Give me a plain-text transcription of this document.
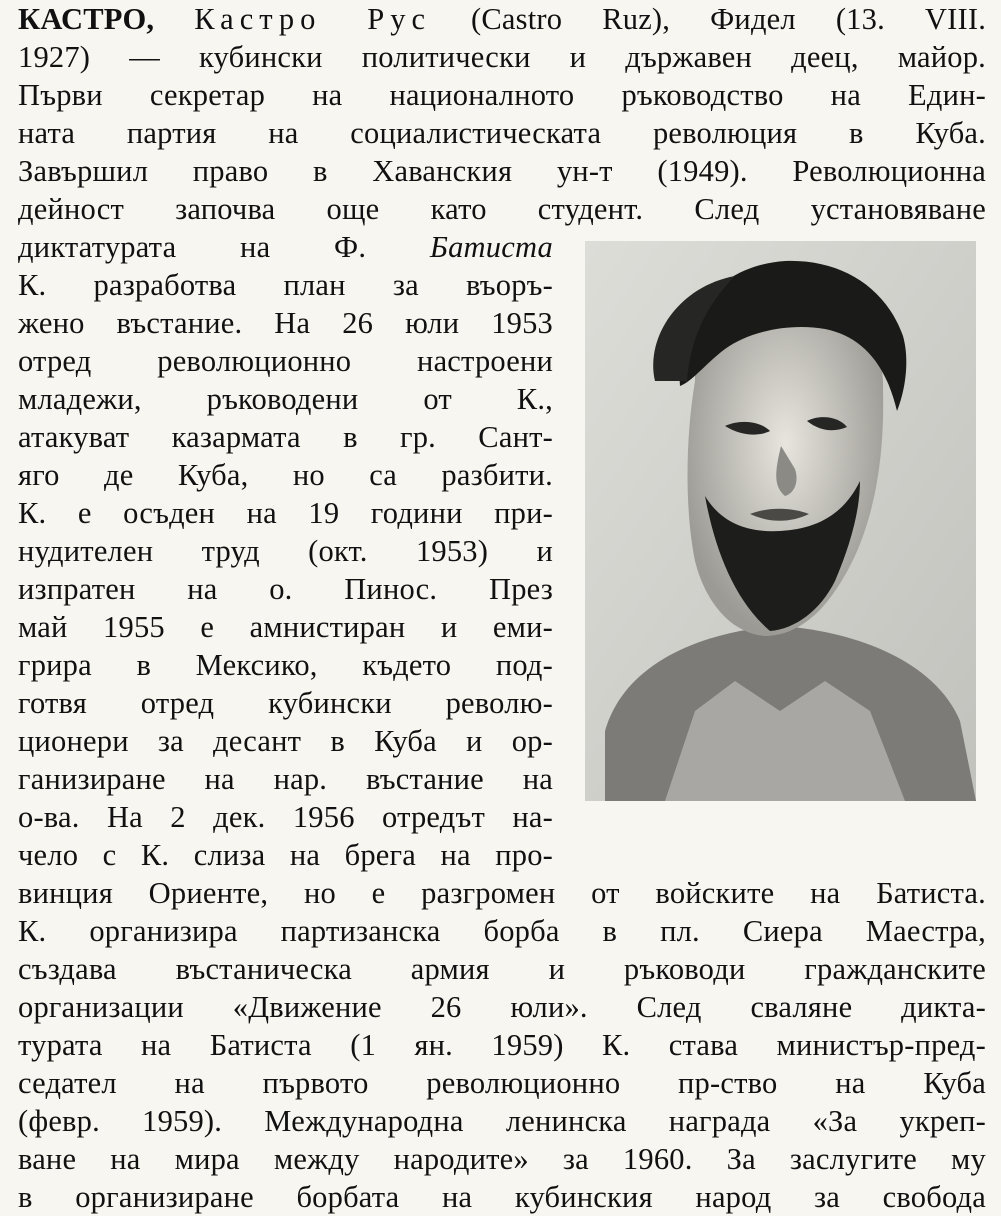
КАСТРО, Кастро Рус (Castro Ruz), Фидел (13. VIII.
1927) — кубински политически и държавен деец, майор.
Първи секретар на националното ръководство на Един-
ната партия на социалистическата революция в Куба.
Завършил право в Хаванския ун-т (1949). Революционна
дейност започва още като студент. След установяване
диктатурата на Ф. Батиста
К. разработва план за въоръ-
жено въстание. На 26 юли 1953
отред революционно настроени
младежи, ръководени от К.,
атакуват казармата в гр. Сант-
яго де Куба, но са разбити.
К. е осъден на 19 години при-
нудителен труд (окт. 1953) и
изпратен на о. Пинос. През
май 1955 е амнистиран и еми-
грира в Мексико, където под-
готвя отред кубински револю-
ционери за десант в Куба и ор-
ганизиране на нар. въстание на
о-ва. На 2 дек. 1956 отредът на-
чело с К. слиза на брега на про-
винция Ориенте, но е разгромен от войските на Батиста.
К. организира партизанска борба в пл. Сиера Маестра,
създава въстаническа армия и ръководи гражданските
организации «Движение 26 юли». След сваляне дикта-
турата на Батиста (1 ян. 1959) К. става министър-пред-
седател на първото революционно пр-ство на Куба
(февр. 1959). Международна ленинска награда «За укреп-
ване на мира между народите» за 1960. За заслугите му
в организиране борбата на кубинския народ за свобода
